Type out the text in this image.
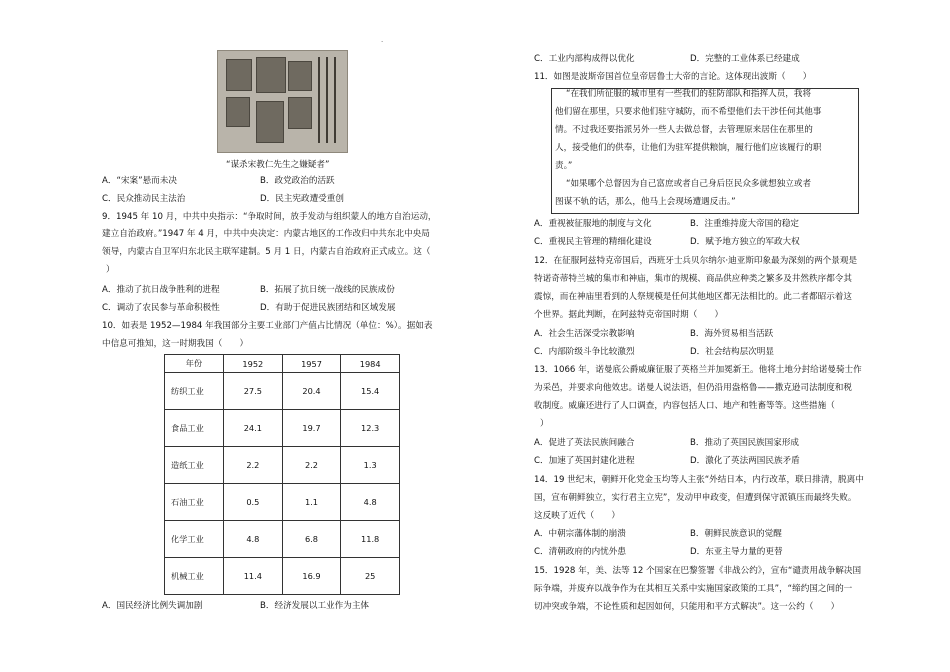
·
“谋杀宋教仁先生之嫌疑者”
A．“宋案”悬而未决	B．政党政治的活跃
C．民众推动民主法治	D．民主宪政遭受重创
9．1945 年 10 月，中共中央指示：“争取时间，放手发动与组织蒙人的地方自治运动，
建立自治政府。”1947 年 4 月，中共中央决定：内蒙古地区的工作改归中共东北中央局
领导，内蒙古自卫军归东北民主联军建制。5 月 1 日，内蒙古自治政府正式成立。这（
）
A．推动了抗日战争胜利的进程	B．拓展了抗日统一战线的民族成份
C．调动了农民参与革命积极性	D．有助于促进民族团结和区域发展
10．如表是 1952—1984 年我国部分主要工业部门产值占比情况（单位：%）。据如表
中信息可推知，这一时期我国（　　）
年份	1952	1957	1984
纺织工业	27.5	20.4	15.4
食品工业	24.1	19.7	12.3
造纸工业	2.2	2.2	1.3
石油工业	0.5	1.1	4.8
化学工业	4.8	6.8	11.8
机械工业	11.4	16.9	25
A．国民经济比例失调加剧	B．经济发展以工业作为主体
C．工业内部构成得以优化	D．完整的工业体系已经建成
11．如图是波斯帝国首位皇帝居鲁士大帝的言论。这体现出波斯（　　）
“在我们所征服的城市里有一些我们的驻防部队和指挥人员，我将
他们留在那里，只要求他们驻守城防，而不希望他们去干涉任何其他事
情。不过我还要指派另外一些人去做总督，去管理原来居住在那里的
人，接受他们的供奉，让他们为驻军提供粮饷，履行他们应该履行的职
责。”
“如果哪个总督因为自己富庶或者自己身后臣民众多就想独立或者
图谋不轨的话，那么，他马上会现场遭遇反击。”
A．重视被征服地的制度与文化	B．注重维持庞大帝国的稳定
C．重视民主管理的精细化建设	D．赋予地方独立的军政大权
12．在征服阿兹特克帝国后，西班牙士兵贝尔纳尔·迪亚斯印象最为深刻的两个景观是
特诺奇蒂特兰城的集市和神庙，集市的规模、商品供应种类之繁多及井然秩序都令其
震惊，而在神庙里看到的人祭规模是任何其他地区都无法相比的。此二者都昭示着这
个世界。据此判断，在阿兹特克帝国时期（　　）
A．社会生活深受宗教影响	B．海外贸易相当活跃
C．内部阶级斗争比较激烈	D．社会结构层次明显
13．1066 年，诺曼底公爵威廉征服了英格兰并加冕新王。他将土地分封给诺曼骑士作
为采邑，并要求向他效忠。诺曼人说法语，但仍沿用盎格鲁——撒克逊司法制度和税
收制度。威廉还进行了人口调查，内容包括人口、地产和牲畜等等。这些措施（
）
A．促进了英法民族间融合	B．推动了英国民族国家形成
C．加速了英国封建化进程	D．激化了英法两国民族矛盾
14．19 世纪末，朝鲜开化党金玉均等人主张“外结日本，内行改革，联日排清，脱离中
国，宣布朝鲜独立，实行君主立宪”，发动甲申政变，但遭到保守派镇压而最终失败。
这反映了近代（　　）
A．中朝宗藩体制的崩溃	B．朝鲜民族意识的觉醒
C．清朝政府的内忧外患	D．东亚主导力量的更替
15．1928 年，美、法等 12 个国家在巴黎签署《非战公约》，宣布“谴责用战争解决国
际争端，并废弃以战争作为在其相互关系中实施国家政策的工具”，“缔约国之间的一
切冲突或争端，不论性质和起因如何，只能用和平方式解决”。这一公约（　　）
